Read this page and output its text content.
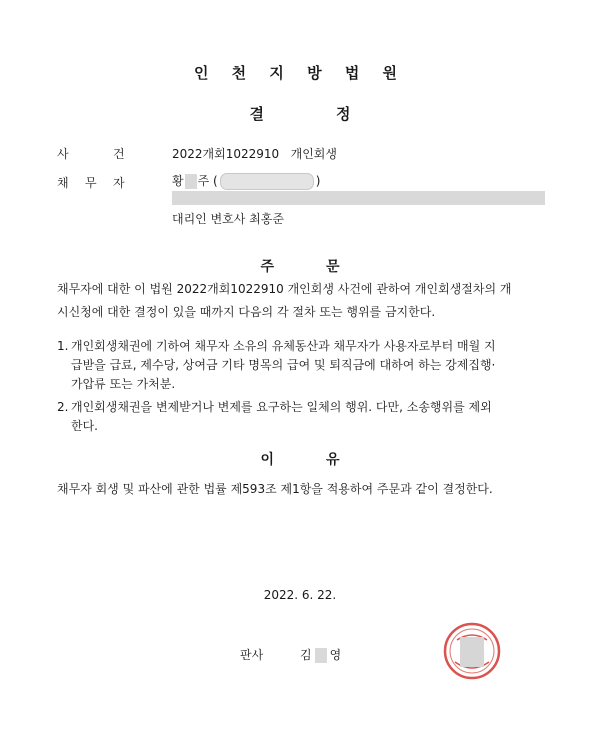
인 천 지 방 법 원
결	정
사	건	2022개회1022910 개인회생
채 무 자	황 주 (	)
대리인 변호사 최홍준
주	문
채무자에 대한 이 법원 2022개회1022910 개인회생 사건에 관하여 개인회생절차의 개
시신청에 대한 결정이 있을 때까지 다음의 각 절차 또는 행위를 금지한다.
1. 개인회생채권에 기하여 채무자 소유의 유체동산과 채무자가 사용자로부터 매월 지
급받을 급료, 제수당, 상여금 기타 명목의 급여 및 퇴직금에 대하여 하는 강제집행·
가압류 또는 가처분.
2. 개인회생채권을 변제받거나 변제를 요구하는 일체의 행위. 다만, 소송행위를 제외
한다.
이	유
채무자 회생 및 파산에 관한 법률 제593조 제1항을 적용하여 주문과 같이 결정한다.
2022. 6. 22.
판사	김 영
